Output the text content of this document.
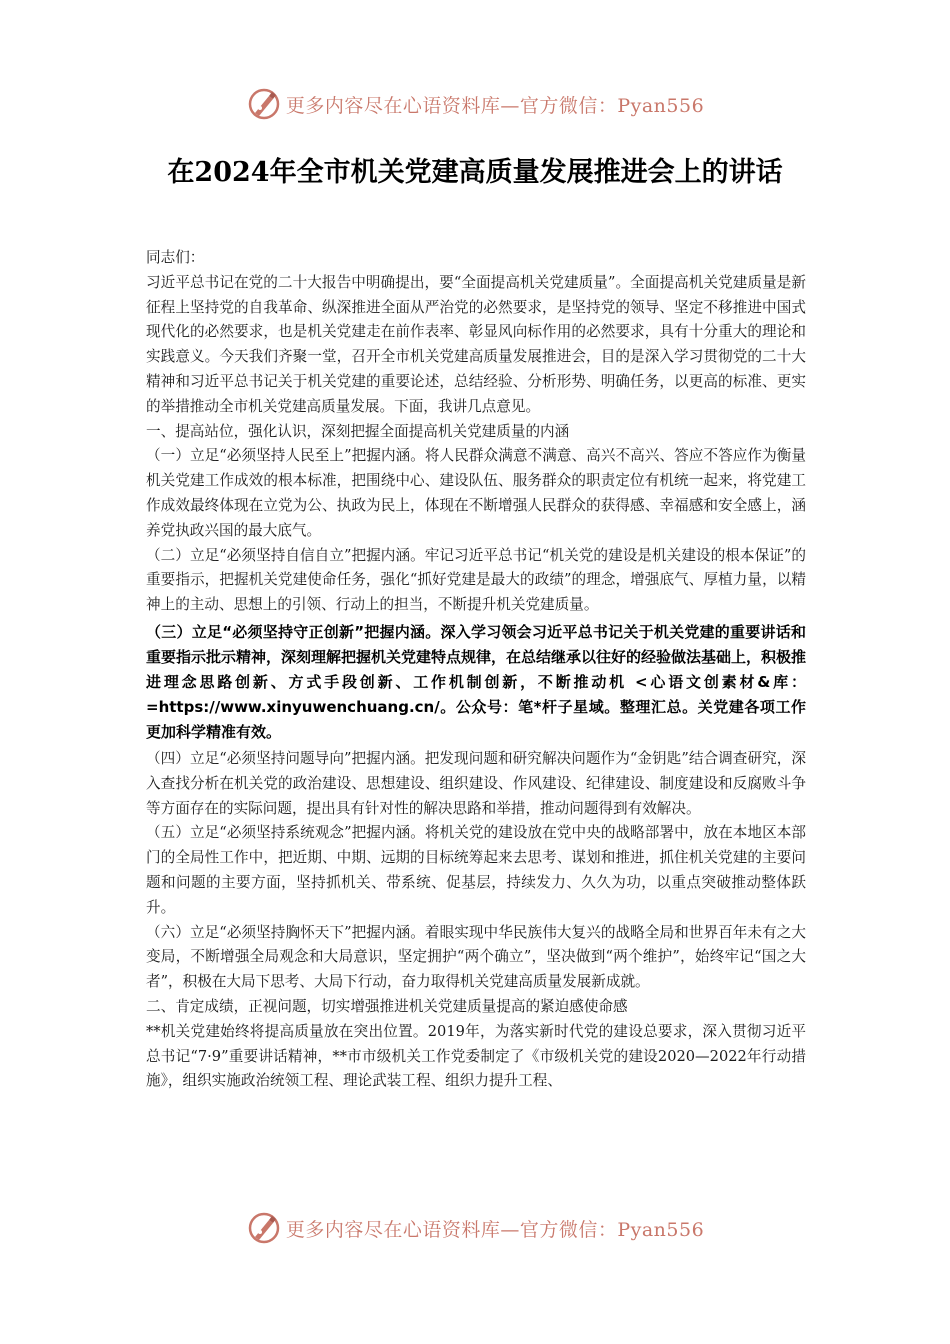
更多内容尽在心语资料库—官方微信：Pyan556
在2024年全市机关党建高质量发展推进会上的讲话

同志们：

习近平总书记在党的二十大报告中明确提出，要“全面提高机关党建质量”。全面提高机关党建质量是新征程上坚持党的自我革命、纵深推进全面从严治党的必然要求，是坚持党的领导、坚定不移推进中国式现代化的必然要求，也是机关党建走在前作表率、彰显风向标作用的必然要求，具有十分重大的理论和实践意义。今天我们齐聚一堂，召开全市机关党建高质量发展推进会，目的是深入学习贯彻党的二十大精神和习近平总书记关于机关党建的重要论述，总结经验、分析形势、明确任务，以更高的标准、更实的举措推动全市机关党建高质量发展。下面，我讲几点意见。

一、提高站位，强化认识，深刻把握全面提高机关党建质量的内涵

（一）立足“必须坚持人民至上”把握内涵。将人民群众满意不满意、高兴不高兴、答应不答应作为衡量机关党建工作成效的根本标准，把围绕中心、建设队伍、服务群众的职责定位有机统一起来，将党建工作成效最终体现在立党为公、执政为民上，体现在不断增强人民群众的获得感、幸福感和安全感上，涵养党执政兴国的最大底气。

（二）立足“必须坚持自信自立”把握内涵。牢记习近平总书记“机关党的建设是机关建设的根本保证”的重要指示，把握机关党建使命任务，强化“抓好党建是最大的政绩”的理念，增强底气、厚植力量，以精神上的主动、思想上的引领、行动上的担当，不断提升机关党建质量。

（三）立足“必须坚持守正创新”把握内涵。深入学习领会习近平总书记关于机关党建的重要讲话和重要指示批示精神，深刻理解把握机关党建特点规律，在总结继承以往好的经验做法基础上，积极推进理念思路创新、方式手段创新、工作机制创新，不断推动机 <心语文创素材&库：=https://www.xinyuwenchuang.cn/。公众号：笔*杆子星域。整理汇总。关党建各项工作更加科学精准有效。

（四）立足“必须坚持问题导向”把握内涵。把发现问题和研究解决问题作为“金钥匙”结合调查研究，深入查找分析在机关党的政治建设、思想建设、组织建设、作风建设、纪律建设、制度建设和反腐败斗争等方面存在的实际问题，提出具有针对性的解决思路和举措，推动问题得到有效解决。

（五）立足“必须坚持系统观念”把握内涵。将机关党的建设放在党中央的战略部署中，放在本地区本部门的全局性工作中，把近期、中期、远期的目标统筹起来去思考、谋划和推进，抓住机关党建的主要问题和问题的主要方面，坚持抓机关、带系统、促基层，持续发力、久久为功，以重点突破推动整体跃升。

（六）立足“必须坚持胸怀天下”把握内涵。着眼实现中华民族伟大复兴的战略全局和世界百年未有之大变局，不断增强全局观念和大局意识，坚定拥护“两个确立”，坚决做到“两个维护”，始终牢记“国之大者”，积极在大局下思考、大局下行动，奋力取得机关党建高质量发展新成就。

二、肯定成绩，正视问题，切实增强推进机关党建质量提高的紧迫感使命感

**机关党建始终将提高质量放在突出位置。2019年，为落实新时代党的建设总要求，深入贯彻习近平总书记“7·9”重要讲话精神，**市市级机关工作党委制定了《市级机关党的建设2020—2022年行动措施》，组织实施政治统领工程、理论武装工程、组织力提升工程、

更多内容尽在心语资料库—官方微信：Pyan556
